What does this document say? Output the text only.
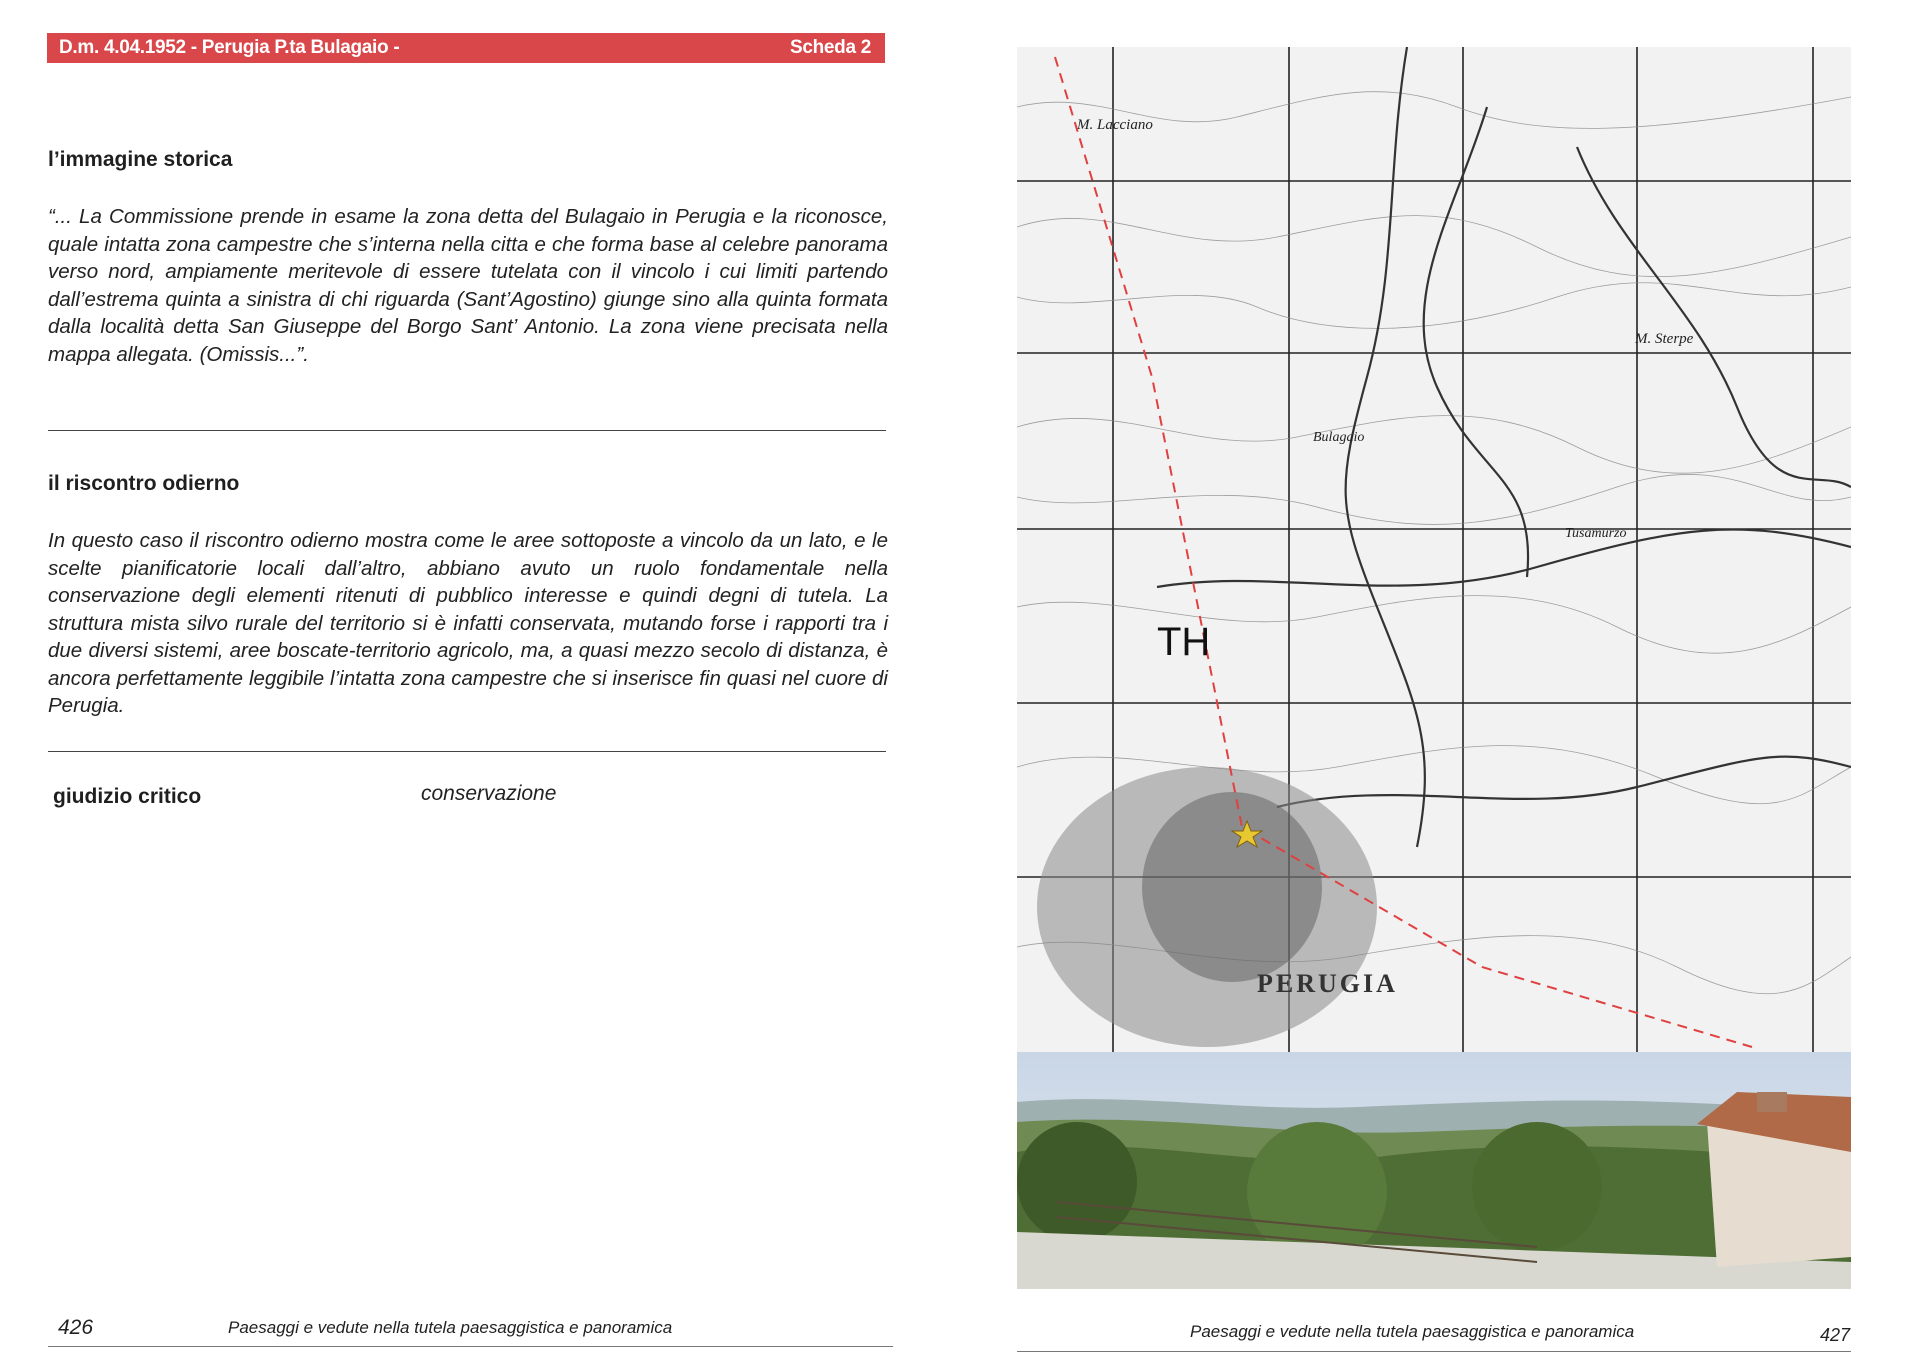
D.m. 4.04.1952 - Perugia P.ta Bulagaio -	Scheda 2
l’immagine storica
“... La Commissione prende in esame la zona detta del Bulagaio in Perugia e la riconosce, quale intatta zona campestre che s’interna nella citta e che forma base al celebre panorama verso nord, ampiamente meritevole di essere tutelata con il vincolo i cui limiti partendo dall’estrema quinta a sinistra di chi riguarda (Sant’Agostino) giunge sino alla quinta formata dalla località detta San Giuseppe del Borgo Sant’ Antonio. La zona viene precisata nella mappa allegata. (Omissis...”.
il riscontro odierno
In questo caso il riscontro odierno mostra come le aree sottoposte a vincolo da un lato, e le scelte pianificatorie locali dall’altro, abbiano avuto un ruolo fondamentale nella conservazione degli elementi ritenuti di pubblico interesse e quindi degni di tutela. La struttura mista silvo rurale del territorio si è infatti conservata, mutando forse i rapporti tra i due diversi sistemi, aree boscate-territorio agricolo, ma, a quasi mezzo secolo di distanza, è ancora perfettamente leggibile l’intatta zona campestre che si inserisce fin quasi nel cuore di Perugia.
giudizio critico	conservazione
426	Paesaggi e vedute nella tutela paesaggistica e panoramica
TH
PERUGIA
M. Lacciano
M. Sterpe
Tusamurzo
Bulagaio
Paesaggi e vedute nella tutela paesaggistica e panoramica	427
